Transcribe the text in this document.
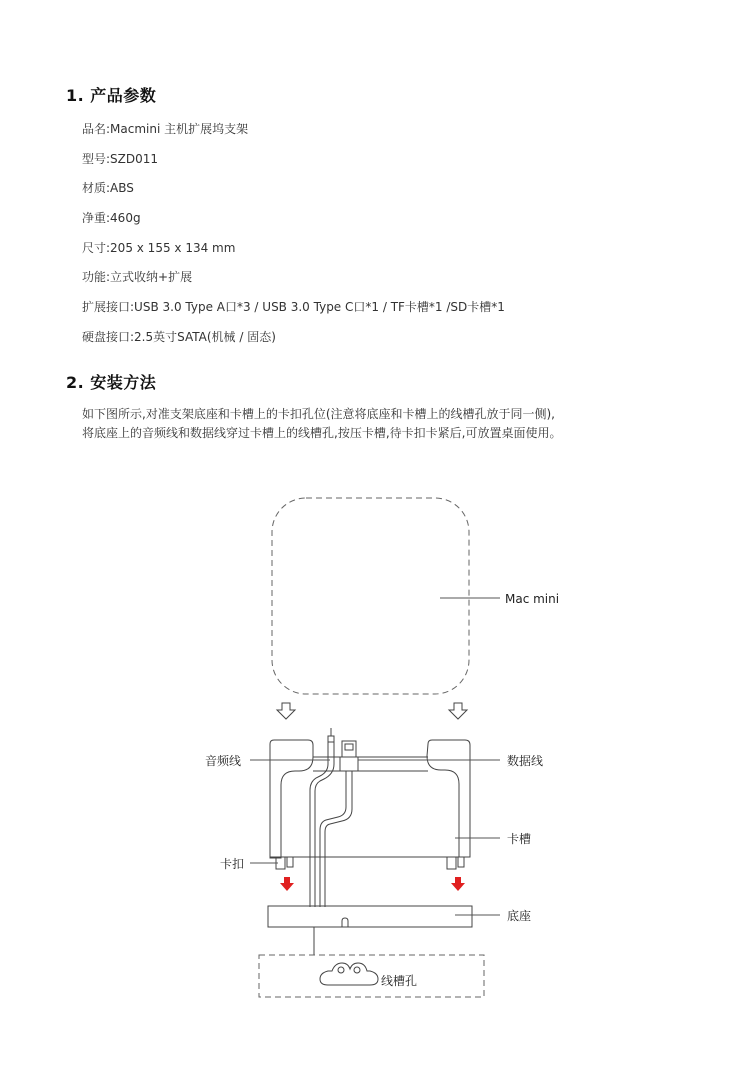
1. 产品参数
品名:Macmini 主机扩展坞支架
型号:SZD011
材质:ABS
净重:460g
尺寸:205 x 155 x 134 mm
功能:立式收纳+扩展
扩展接口:USB 3.0 Type A口*3 / USB 3.0 Type C口*1 / TF卡槽*1 /SD卡槽*1
硬盘接口:2.5英寸SATA(机械 / 固态)
2. 安装方法
如下图所示,对准支架底座和卡槽上的卡扣孔位(注意将底座和卡槽上的线槽孔放于同一侧),
将底座上的音频线和数据线穿过卡槽上的线槽孔,按压卡槽,待卡扣卡紧后,可放置桌面使用。
Mac mini
线槽孔
音频线	数据线
卡槽
卡扣
底座
